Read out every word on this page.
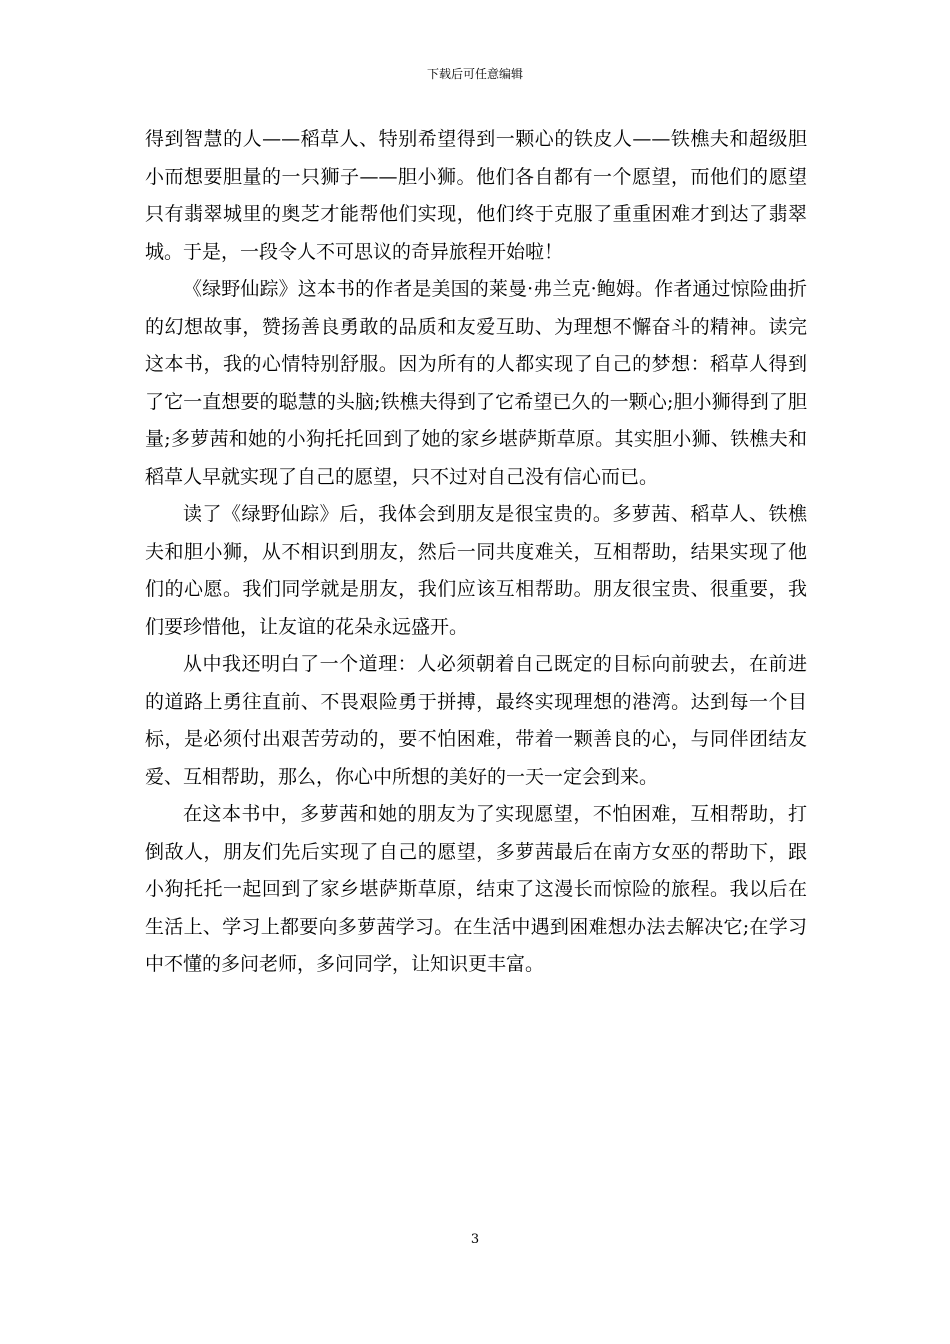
下载后可任意编辑

得到智慧的人——稻草人、特别希望得到一颗心的铁皮人——铁樵夫和超级胆小而想要胆量的一只狮子——胆小狮。他们各自都有一个愿望，而他们的愿望只有翡翠城里的奥芝才能帮他们实现，他们终于克服了重重困难才到达了翡翠城。于是，一段令人不可思议的奇异旅程开始啦！

《绿野仙踪》这本书的作者是美国的莱曼·弗兰克·鲍姆。作者通过惊险曲折的幻想故事，赞扬善良勇敢的品质和友爱互助、为理想不懈奋斗的精神。读完这本书，我的心情特别舒服。因为所有的人都实现了自己的梦想：稻草人得到了它一直想要的聪慧的头脑;铁樵夫得到了它希望已久的一颗心;胆小狮得到了胆量;多萝茜和她的小狗托托回到了她的家乡堪萨斯草原。其实胆小狮、铁樵夫和稻草人早就实现了自己的愿望，只不过对自己没有信心而已。

读了《绿野仙踪》后，我体会到朋友是很宝贵的。多萝茜、稻草人、铁樵夫和胆小狮，从不相识到朋友，然后一同共度难关，互相帮助，结果实现了他们的心愿。我们同学就是朋友，我们应该互相帮助。朋友很宝贵、很重要，我们要珍惜他，让友谊的花朵永远盛开。

从中我还明白了一个道理：人必须朝着自己既定的目标向前驶去，在前进的道路上勇往直前、不畏艰险勇于拼搏，最终实现理想的港湾。达到每一个目标，是必须付出艰苦劳动的，要不怕困难，带着一颗善良的心，与同伴团结友爱、互相帮助，那么，你心中所想的美好的一天一定会到来。

在这本书中，多萝茜和她的朋友为了实现愿望，不怕困难，互相帮助，打倒敌人，朋友们先后实现了自己的愿望，多萝茜最后在南方女巫的帮助下，跟小狗托托一起回到了家乡堪萨斯草原，结束了这漫长而惊险的旅程。我以后在生活上、学习上都要向多萝茜学习。在生活中遇到困难想办法去解决它;在学习中不懂的多问老师，多问同学，让知识更丰富。

3
